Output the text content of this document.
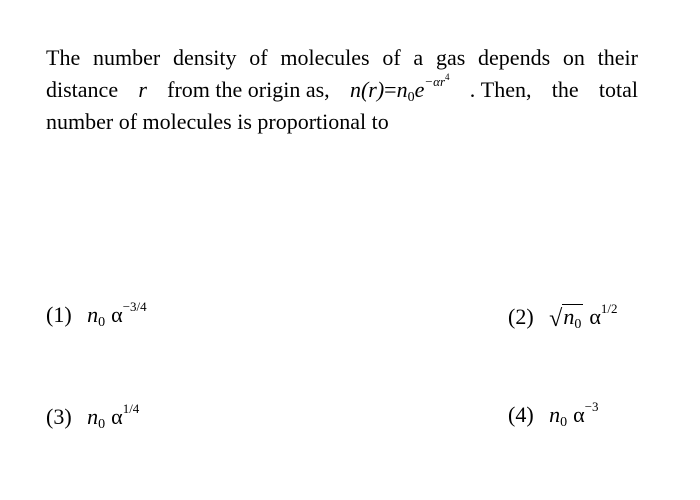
The number density of molecules of a gas depends on their
distance r from the origin as, $n(r)=n_0e^{-\alpha r^4}$ . Then, the total
number of molecules is proportional to
(1) $n_0$ $\alpha^{-3/4}$	(2) $√n_0$ $\alpha^{1/2}$
(3) $n_0$ $\alpha^{1/4}$	(4) $n_0$ $\alpha^{-3}$
